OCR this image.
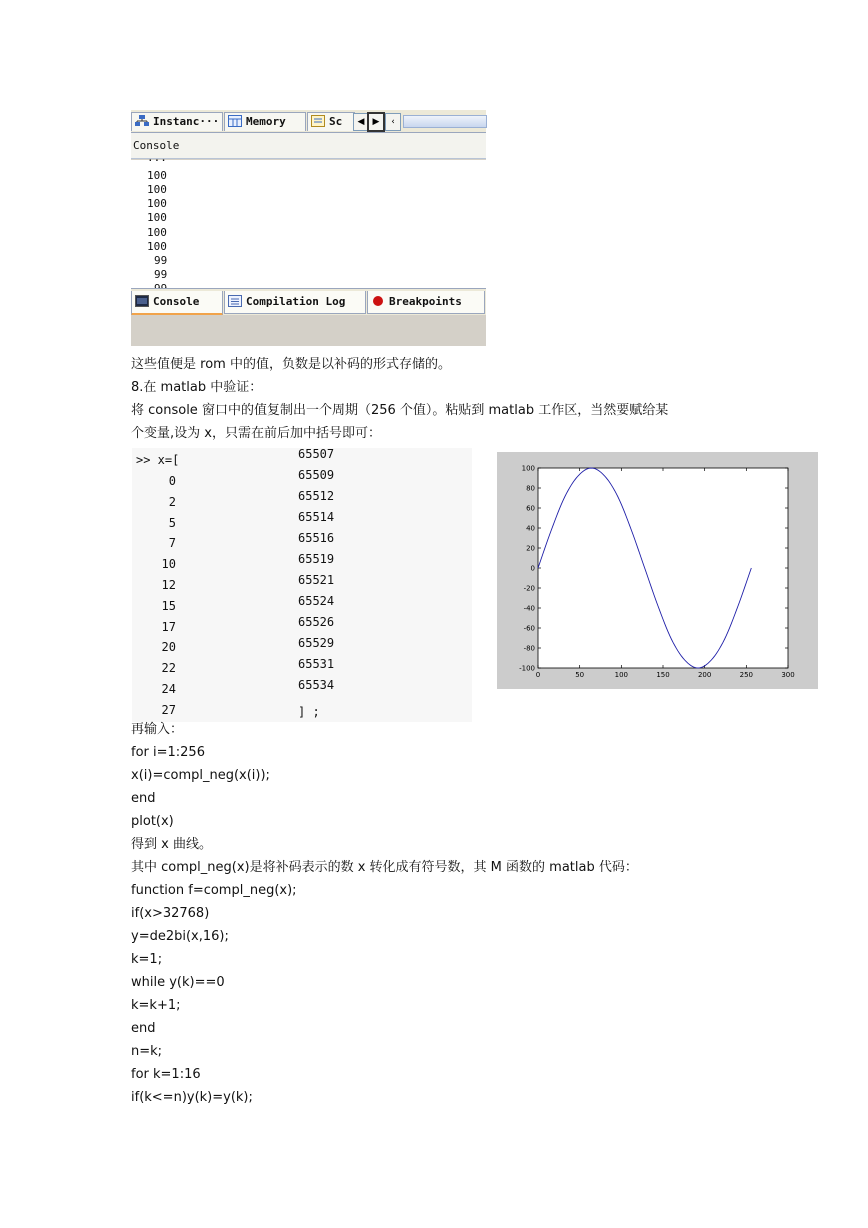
Instanc···	Memory	Sc	◀ ▶	‹
Console
···
100
100
100
100
100
100
99
99
Console	Compilation Log	Breakpoints
这些值便是 rom 中的值，负数是以补码的形式存储的。
8.在 matlab 中验证：
将 console 窗口中的值复制出一个周期（256 个值）。粘贴到 matlab 工作区，当然要赋给某
个变量,设为 x，只需在前后加中括号即可：
>> x=[
0
2
5
7
10
12
15
17
20
22
24
27
65507
65509
65512
65514
65516
65519
65521
65524
65526
65529
65531
65534
] ;
0	50	100	150	200	250	300
100
80
60
40
20
0
-20
-40
-60
-80
-100
再输入：
for i=1:256
x(i)=compl_neg(x(i));
end
plot(x)
得到 x 曲线。
其中 compl_neg(x)是将补码表示的数 x 转化成有符号数，其 M 函数的 matlab 代码：
function f=compl_neg(x);
if(x>32768)
y=de2bi(x,16);
k=1;
while y(k)==0
k=k+1;
end
n=k;
for k=1:16
if(k<=n)y(k)=y(k);
